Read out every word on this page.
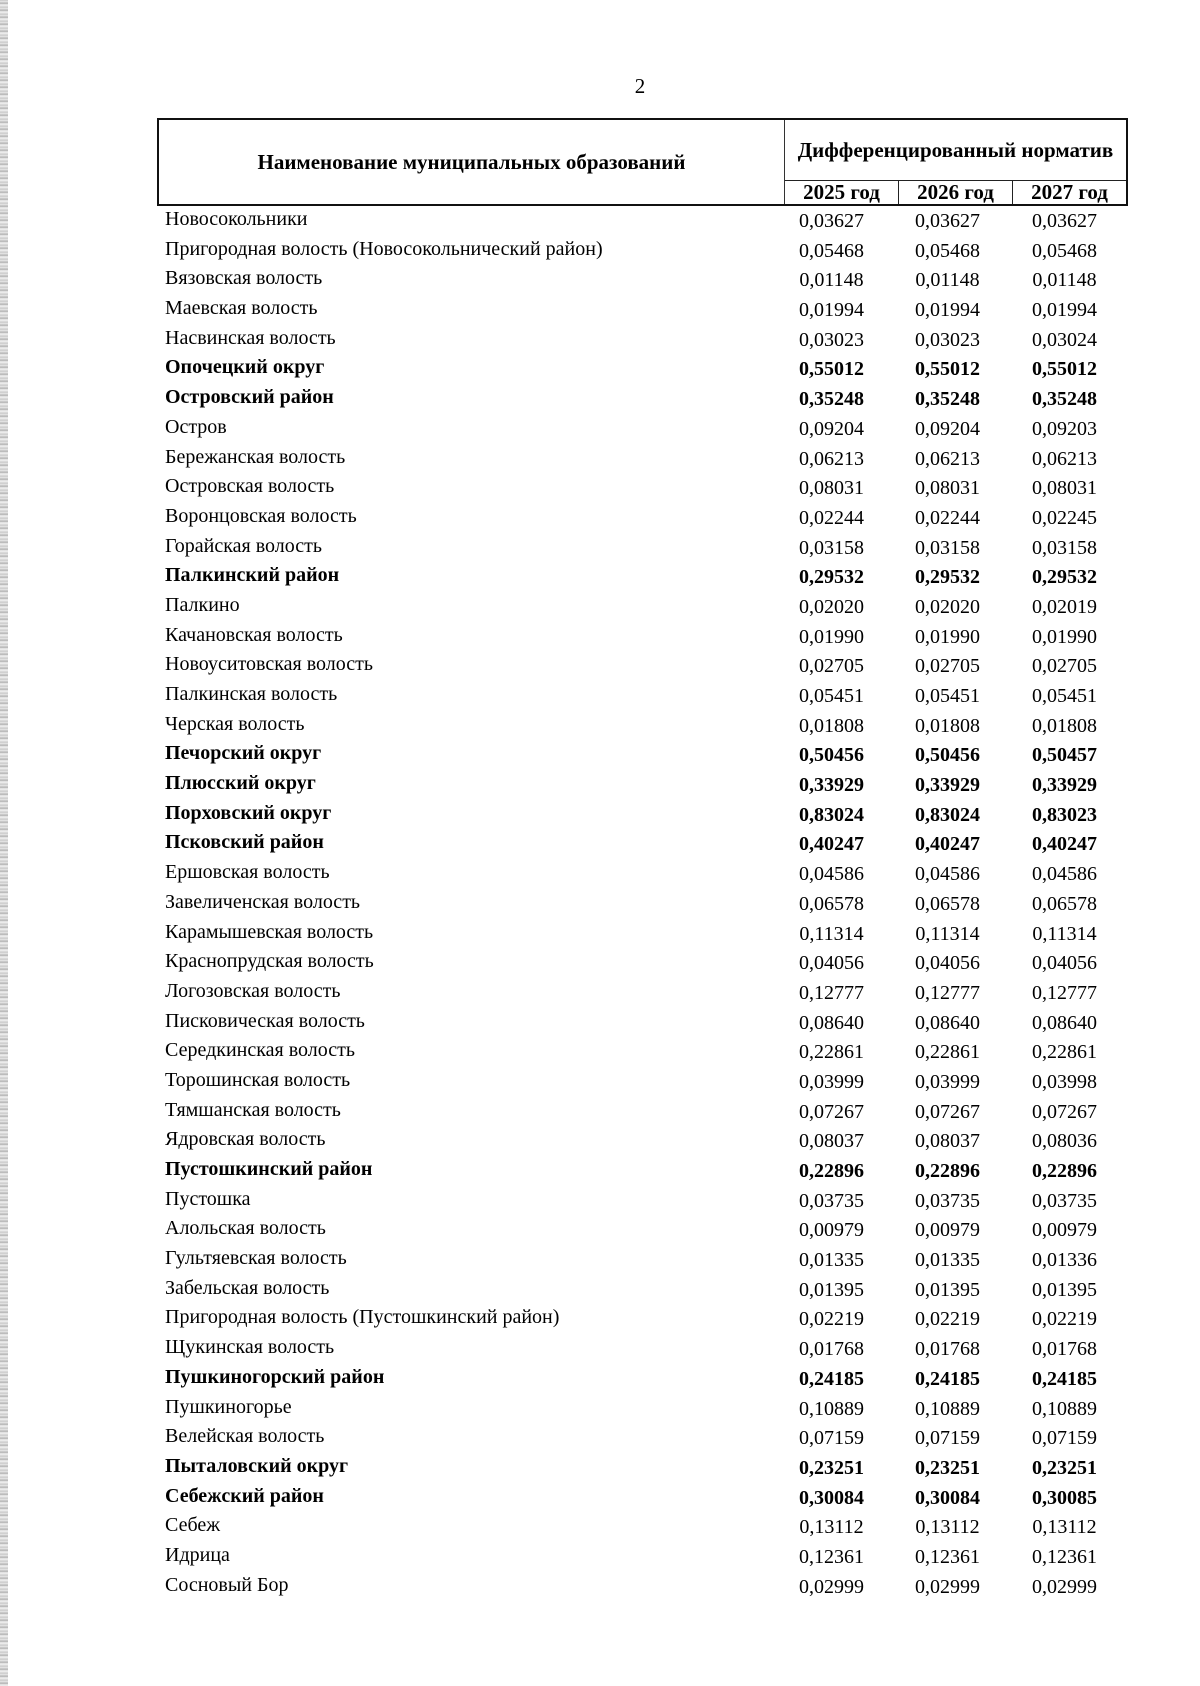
2
Наименование муниципальных образований	Дифференцированный норматив
2025 год	2026 год	2027 год
Новосокольники	0,03627	0,03627	0,03627
Пригородная волость (Новосокольнический район)	0,05468	0,05468	0,05468
Вязовская волость	0,01148	0,01148	0,01148
Маевская волость	0,01994	0,01994	0,01994
Насвинская волость	0,03023	0,03023	0,03024
Опочецкий округ	0,55012	0,55012	0,55012
Островский район	0,35248	0,35248	0,35248
Остров	0,09204	0,09204	0,09203
Бережанская волость	0,06213	0,06213	0,06213
Островская волость	0,08031	0,08031	0,08031
Воронцовская волость	0,02244	0,02244	0,02245
Горайская волость	0,03158	0,03158	0,03158
Палкинский район	0,29532	0,29532	0,29532
Палкино	0,02020	0,02020	0,02019
Качановская волость	0,01990	0,01990	0,01990
Новоуситовская волость	0,02705	0,02705	0,02705
Палкинская волость	0,05451	0,05451	0,05451
Черская волость	0,01808	0,01808	0,01808
Печорский округ	0,50456	0,50456	0,50457
Плюсский округ	0,33929	0,33929	0,33929
Порховский округ	0,83024	0,83024	0,83023
Псковский район	0,40247	0,40247	0,40247
Ершовская волость	0,04586	0,04586	0,04586
Завеличенская волость	0,06578	0,06578	0,06578
Карамышевская волость	0,11314	0,11314	0,11314
Краснопрудская волость	0,04056	0,04056	0,04056
Логозовская волость	0,12777	0,12777	0,12777
Писковическая волость	0,08640	0,08640	0,08640
Середкинская волость	0,22861	0,22861	0,22861
Торошинская волость	0,03999	0,03999	0,03998
Тямшанская волость	0,07267	0,07267	0,07267
Ядровская волость	0,08037	0,08037	0,08036
Пустошкинский район	0,22896	0,22896	0,22896
Пустошка	0,03735	0,03735	0,03735
Алольская волость	0,00979	0,00979	0,00979
Гультяевская волость	0,01335	0,01335	0,01336
Забельская волость	0,01395	0,01395	0,01395
Пригородная волость (Пустошкинский район)	0,02219	0,02219	0,02219
Щукинская волость	0,01768	0,01768	0,01768
Пушкиногорский район	0,24185	0,24185	0,24185
Пушкиногорье	0,10889	0,10889	0,10889
Велейская волость	0,07159	0,07159	0,07159
Пыталовский округ	0,23251	0,23251	0,23251
Себежский район	0,30084	0,30084	0,30085
Себеж	0,13112	0,13112	0,13112
Идрица	0,12361	0,12361	0,12361
Сосновый Бор	0,02999	0,02999	0,02999
